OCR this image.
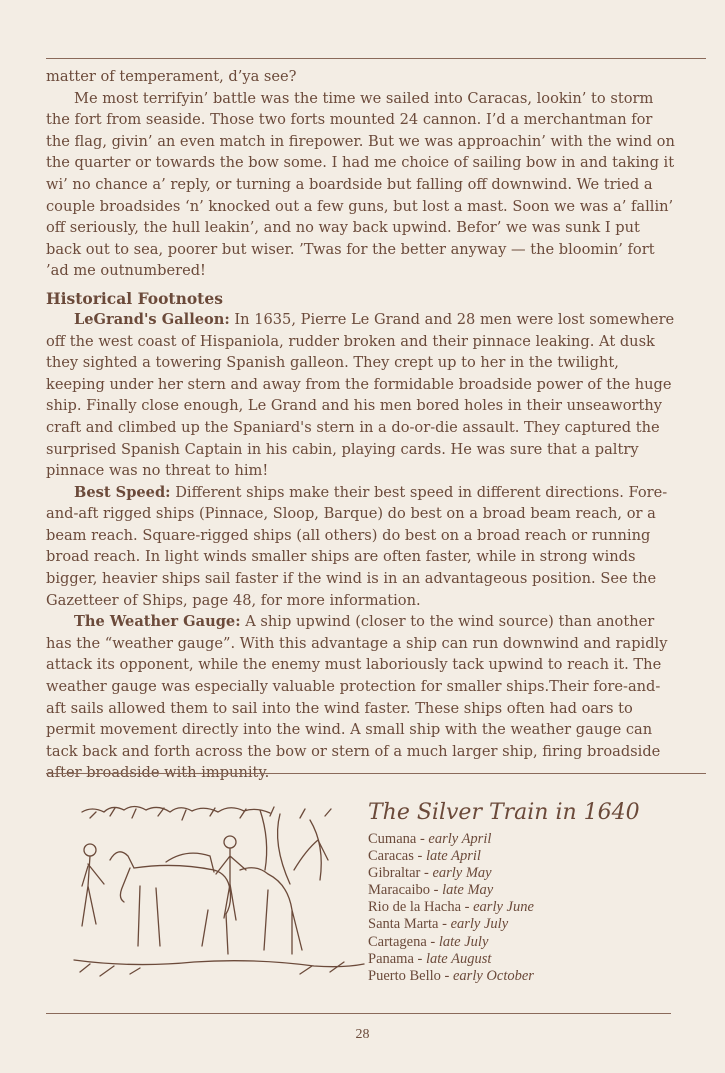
matter of temperament, d’ya see?

Me most terrifyin’ battle was the time we sailed into Caracas, lookin’ to storm the fort from seaside. Those two forts mounted 24 cannon. I’d a merchantman for the flag, givin’ an even match in firepower. But we was approachin’ with the wind on the quarter or towards the bow some. I had me choice of sailing bow in and taking it wi’ no chance a’ reply, or turning a boardside but falling off downwind. We tried a couple broadsides ‘n’ knocked out a few guns, but lost a mast. Soon we was a’ fallin’ off seriously, the hull leakin’, and no way back upwind. Befor’ we was sunk I put back out to sea, poorer but wiser. ’Twas for the better anyway — the bloomin’ fort ’ad me outnumbered!

Historical Footnotes

LeGrand's Galleon: In 1635, Pierre Le Grand and 28 men were lost somewhere off the west coast of Hispaniola, rudder broken and their pinnace leaking. At dusk they sighted a towering Spanish galleon. They crept up to her in the twilight, keeping under her stern and away from the formidable broadside power of the huge ship. Finally close enough, Le Grand and his men bored holes in their unseaworthy craft and climbed up the Spaniard's stern in a do-or-die assault. They captured the surprised Spanish Captain in his cabin, playing cards. He was sure that a paltry pinnace was no threat to him!

Best Speed: Different ships make their best speed in different directions. Fore-and-aft rigged ships (Pinnace, Sloop, Barque) do best on a broad beam reach, or a beam reach. Square-rigged ships (all others) do best on a broad reach or running broad reach. In light winds smaller ships are often faster, while in strong winds bigger, heavier ships sail faster if the wind is in an advantageous position. See the Gazetteer of Ships, page 48, for more information.

The Weather Gauge: A ship upwind (closer to the wind source) than another has the “weather gauge”. With this advantage a ship can run downwind and rapidly attack its opponent, while the enemy must laboriously tack upwind to reach it. The weather gauge was especially valuable protection for smaller ships.Their fore-and-aft sails allowed them to sail into the wind faster. These ships often had oars to permit movement directly into the wind. A small ship with the weather gauge can tack back and forth across the bow or stern of a much larger ship, firing broadside after broadside with impunity.

The Silver Train in 1640
Cumana - early April
Caracas - late April
Gibraltar - early May
Maracaibo - late May
Rio de la Hacha - early June
Santa Marta - early July
Cartagena - late July
Panama - late August
Puerto Bello - early October
28
